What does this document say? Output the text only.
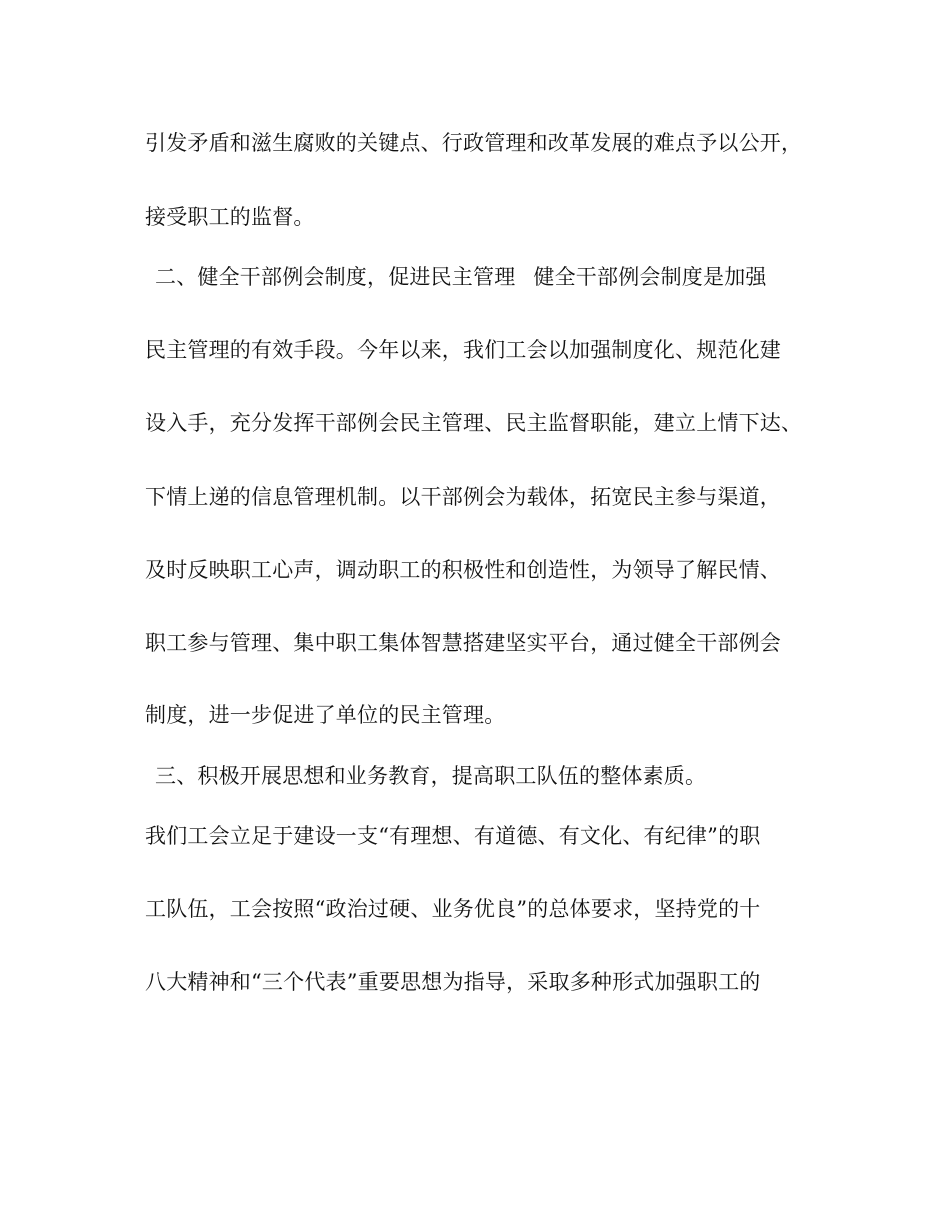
引发矛盾和滋生腐败的关键点、行政管理和改革发展的难点予以公开，
接受职工的监督。
二、健全干部例会制度，促进民主管理 健全干部例会制度是加强
民主管理的有效手段。今年以来，我们工会以加强制度化、规范化建
设入手，充分发挥干部例会民主管理、民主监督职能，建立上情下达、
下情上递的信息管理机制。以干部例会为载体，拓宽民主参与渠道，
及时反映职工心声，调动职工的积极性和创造性，为领导了解民情、
职工参与管理、集中职工集体智慧搭建坚实平台，通过健全干部例会
制度，进一步促进了单位的民主管理。
三、积极开展思想和业务教育，提高职工队伍的整体素质。
我们工会立足于建设一支“有理想、有道德、有文化、有纪律”的职
工队伍，工会按照“政治过硬、业务优良”的总体要求，坚持党的十
八大精神和“三个代表”重要思想为指导，采取多种形式加强职工的
